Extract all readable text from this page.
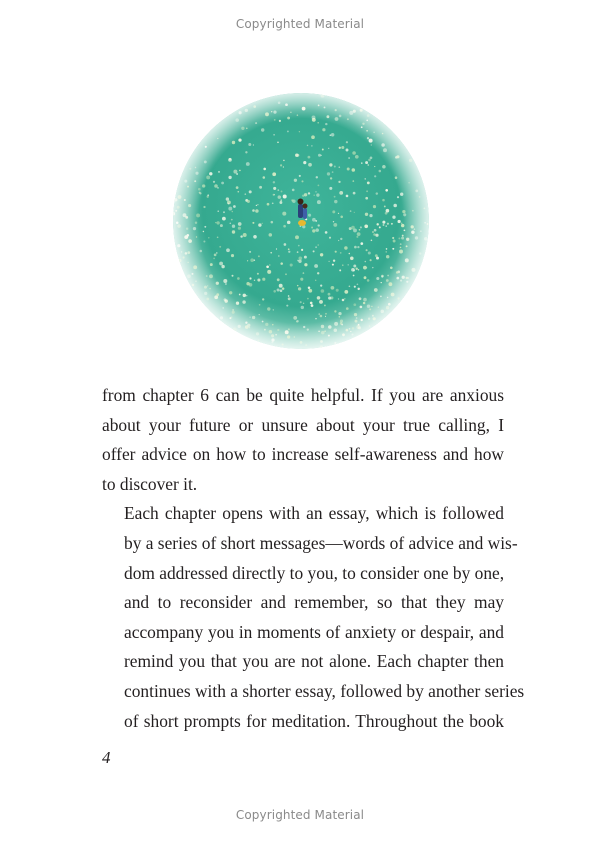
Copyrighted Material

from chapter 6 can be quite helpful. If you are anxious
about your future or unsure about your true calling, I
offer advice on how to increase self-awareness and how
to discover it.

Each chapter opens with an essay, which is followed
by a series of short messages—words of advice and wis-
dom addressed directly to you, to consider one by one,
and to reconsider and remember, so that they may
accompany you in moments of anxiety or despair, and
remind you that you are not alone. Each chapter then
continues with a shorter essay, followed by another series
of short prompts for meditation. Throughout the book

4
Copyrighted Material
